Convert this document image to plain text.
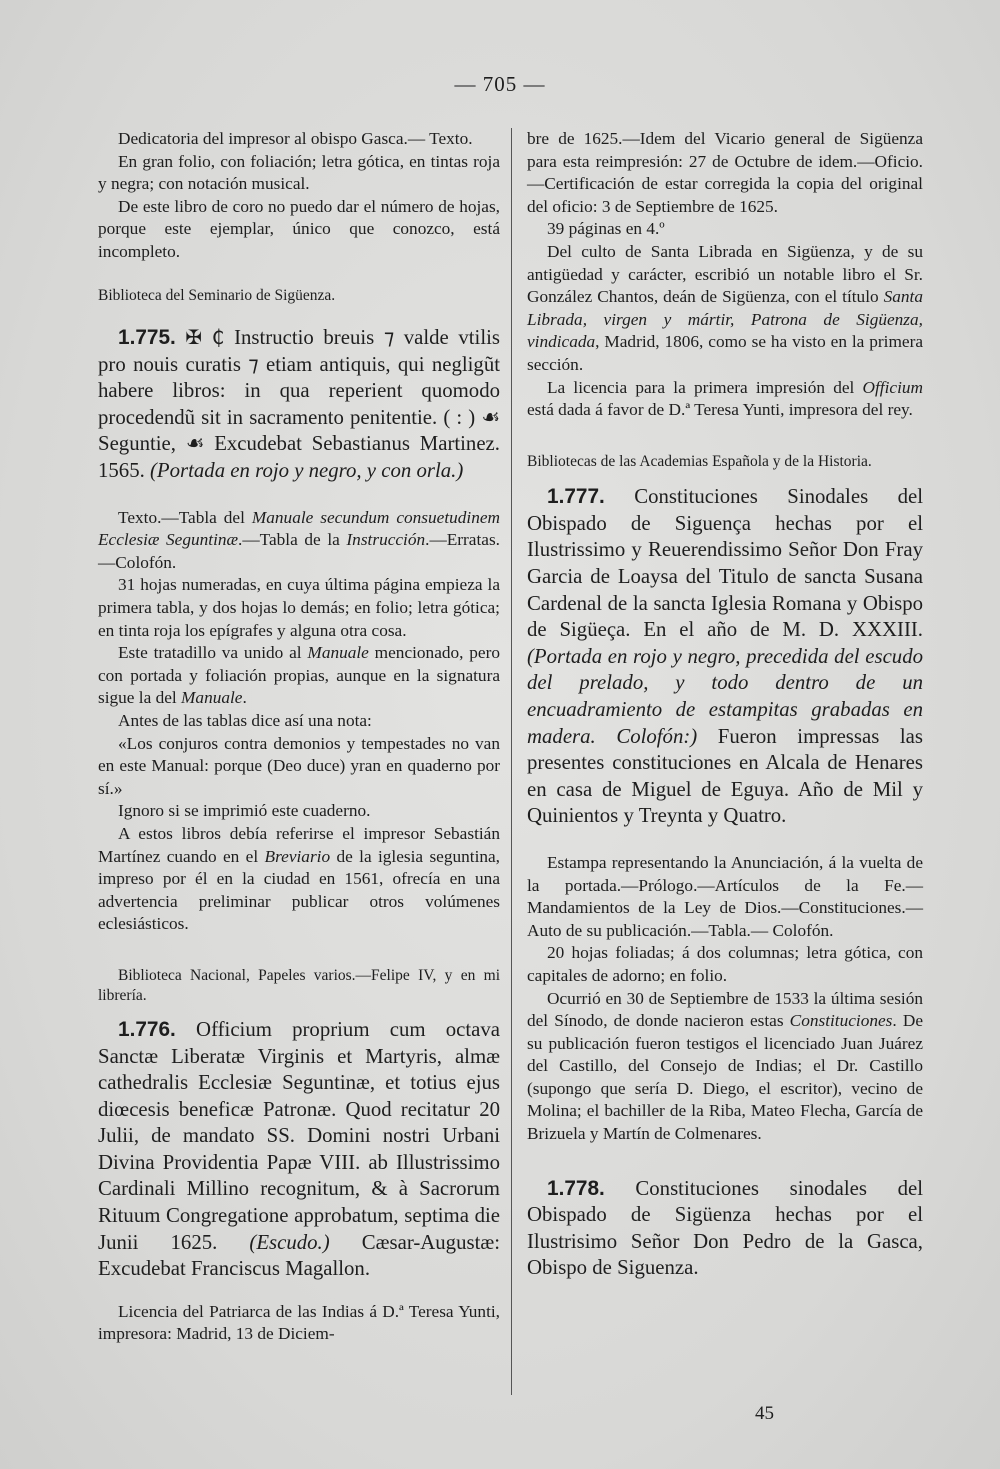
— 705 —

Dedicatoria del impresor al obispo Gasca.— Texto.

En gran folio, con foliación; letra gótica, en tintas roja y negra; con notación musical.

De este libro de coro no puedo dar el número de hojas, porque este ejemplar, único que conozco, está incompleto.

Biblioteca del Seminario de Sigüenza.

1.775. ✠ ₵ Instructio breuis ⁊ valde vtilis pro nouis curatis ⁊ etiam antiquis, qui negligũt habere libros: in qua reperient quomodo procedendũ sit in sacramento penitentie. ( : ) ☙ Seguntie, ☙ Excudebat Sebastianus Martinez. 1565. (Portada en rojo y negro, y con orla.)

Texto.—Tabla del Manuale secundum consuetudinem Ecclesiæ Seguntinæ.—Tabla de la Instrucción.—Erratas.—Colofón.

31 hojas numeradas, en cuya última página empieza la primera tabla, y dos hojas lo demás; en folio; letra gótica; en tinta roja los epígrafes y alguna otra cosa.

Este tratadillo va unido al Manuale mencionado, pero con portada y foliación propias, aunque en la signatura sigue la del Manuale.

Antes de las tablas dice así una nota:

«Los conjuros contra demonios y tempestades no van en este Manual: porque (Deo duce) yran en quaderno por sí.»

Ignoro si se imprimió este cuaderno.

A estos libros debía referirse el impresor Sebastián Martínez cuando en el Breviario de la iglesia seguntina, impreso por él en la ciudad en 1561, ofrecía en una advertencia preliminar publicar otros volúmenes eclesiásticos.

Biblioteca Nacional, Papeles varios.—Felipe IV, y en mi librería.

1.776. Officium proprium cum octava Sanctæ Liberatæ Virginis et Martyris, almæ cathedralis Ecclesiæ Seguntinæ, et totius ejus diœcesis beneficæ Patronæ. Quod recitatur 20 Julii, de mandato SS. Domini nostri Urbani Divina Providentia Papæ VIII. ab Illustrissimo Cardinali Millino recognitum, & à Sacrorum Rituum Congregatione approbatum, septima die Junii 1625. (Escudo.) Cæsar-Augustæ: Excudebat Franciscus Magallon.

Licencia del Patriarca de las Indias á D.ª Teresa Yunti, impresora: Madrid, 13 de Diciem-

bre de 1625.—Idem del Vicario general de Sigüenza para esta reimpresión: 27 de Octubre de idem.—Oficio.—Certificación de estar corregida la copia del original del oficio: 3 de Septiembre de 1625.

39 páginas en 4.º

Del culto de Santa Librada en Sigüenza, y de su antigüedad y carácter, escribió un notable libro el Sr. González Chantos, deán de Sigüenza, con el título Santa Librada, virgen y mártir, Patrona de Sigüenza, vindicada, Madrid, 1806, como se ha visto en la primera sección.

La licencia para la primera impresión del Officium está dada á favor de D.ª Teresa Yunti, impresora del rey.

Bibliotecas de las Academias Española y de la Historia.

1.777. Constituciones Sinodales del Obispado de Siguença hechas por el Ilustrissimo y Reuerendissimo Señor Don Fray Garcia de Loaysa del Titulo de sancta Susana Cardenal de la sancta Iglesia Romana y Obispo de Sigüeça. En el año de M. D. XXXIII. (Portada en rojo y negro, precedida del escudo del prelado, y todo dentro de un encuadramiento de estampitas grabadas en madera. Colofón:) Fueron impressas las presentes constituciones en Alcala de Henares en casa de Miguel de Eguya. Año de Mil y Quinientos y Treynta y Quatro.

Estampa representando la Anunciación, á la vuelta de la portada.—Prólogo.—Artículos de la Fe.—Mandamientos de la Ley de Dios.—Constituciones.—Auto de su publicación.—Tabla.— Colofón.

20 hojas foliadas; á dos columnas; letra gótica, con capitales de adorno; en folio.

Ocurrió en 30 de Septiembre de 1533 la última sesión del Sínodo, de donde nacieron estas Constituciones. De su publicación fueron testigos el licenciado Juan Juárez del Castillo, del Consejo de Indias; el Dr. Castillo (supongo que sería D. Diego, el escritor), vecino de Molina; el bachiller de la Riba, Mateo Flecha, García de Brizuela y Martín de Colmenares.

1.778. Constituciones sinodales del Obispado de Sigüenza hechas por el Ilustrisimo Señor Don Pedro de la Gasca, Obispo de Siguenza.

45
